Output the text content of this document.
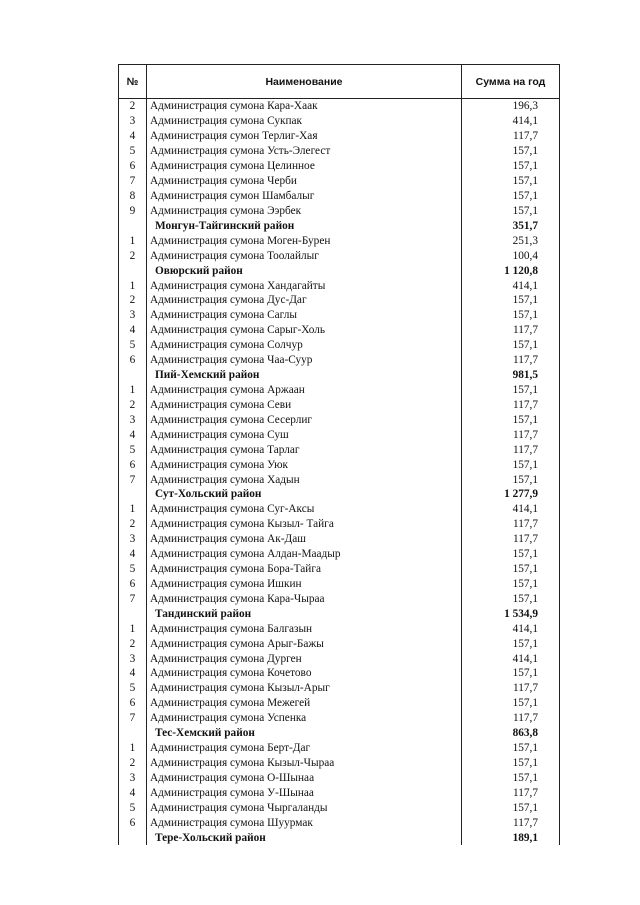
№	Наименование	Сумма на год
2	Администрация сумона Кара-Хаак	196,3
3	Администрация сумона Сукпак	414,1
4	Администрация сумон Терлиг-Хая	117,7
5	Администрация сумона Усть-Элегест	157,1
6	Администрация сумона Целинное	157,1
7	Администрация сумона Черби	157,1
8	Администрация сумон Шамбалыг	157,1
9	Администрация сумона Ээрбек	157,1
	Монгун-Тайгинский район	351,7
1	Администрация сумона Моген-Бурен	251,3
2	Администрация сумона Тоолайлыг	100,4
	Овюрский район	1 120,8
1	Администрация сумона Хандагайты	414,1
2	Администрация сумона Дус-Даг	157,1
3	Администрация сумона Саглы	157,1
4	Администрация сумона Сарыг-Холь	117,7
5	Администрация сумона Солчур	157,1
6	Администрация сумона Чаа-Суур	117,7
	Пий-Хемский район	981,5
1	Администрация сумона Аржаан	157,1
2	Администрация сумона Севи	117,7
3	Администрация сумона Сесерлиг	157,1
4	Администрация сумона Суш	117,7
5	Администрация сумона Тарлаг	117,7
6	Администрация сумона Уюк	157,1
7	Администрация сумона Хадын	157,1
	Сут-Хольский район	1 277,9
1	Администрация сумона Суг-Аксы	414,1
2	Администрация сумона Кызыл- Тайга	117,7
3	Администрация сумона Ак-Даш	117,7
4	Администрация сумона Алдан-Маадыр	157,1
5	Администрация сумона Бора-Тайга	157,1
6	Администрация сумона Ишкин	157,1
7	Администрация сумона Кара-Чыраа	157,1
	Тандинский район	1 534,9
1	Администрация сумона Балгазын	414,1
2	Администрация сумона Арыг-Бажы	157,1
3	Администрация сумона Дурген	414,1
4	Администрация сумона Кочетово	157,1
5	Администрация сумона Кызыл-Арыг	117,7
6	Администрация сумона Межегей	157,1
7	Администрация сумона Успенка	117,7
	Тес-Хемский район	863,8
1	Администрация сумона Берт-Даг	157,1
2	Администрация сумона Кызыл-Чыраа	157,1
3	Администрация сумона О-Шынаа	157,1
4	Администрация сумона У-Шынаа	117,7
5	Администрация сумона Чыргаланды	157,1
6	Администрация сумона Шуурмак	117,7
	Тере-Хольский район	189,1
